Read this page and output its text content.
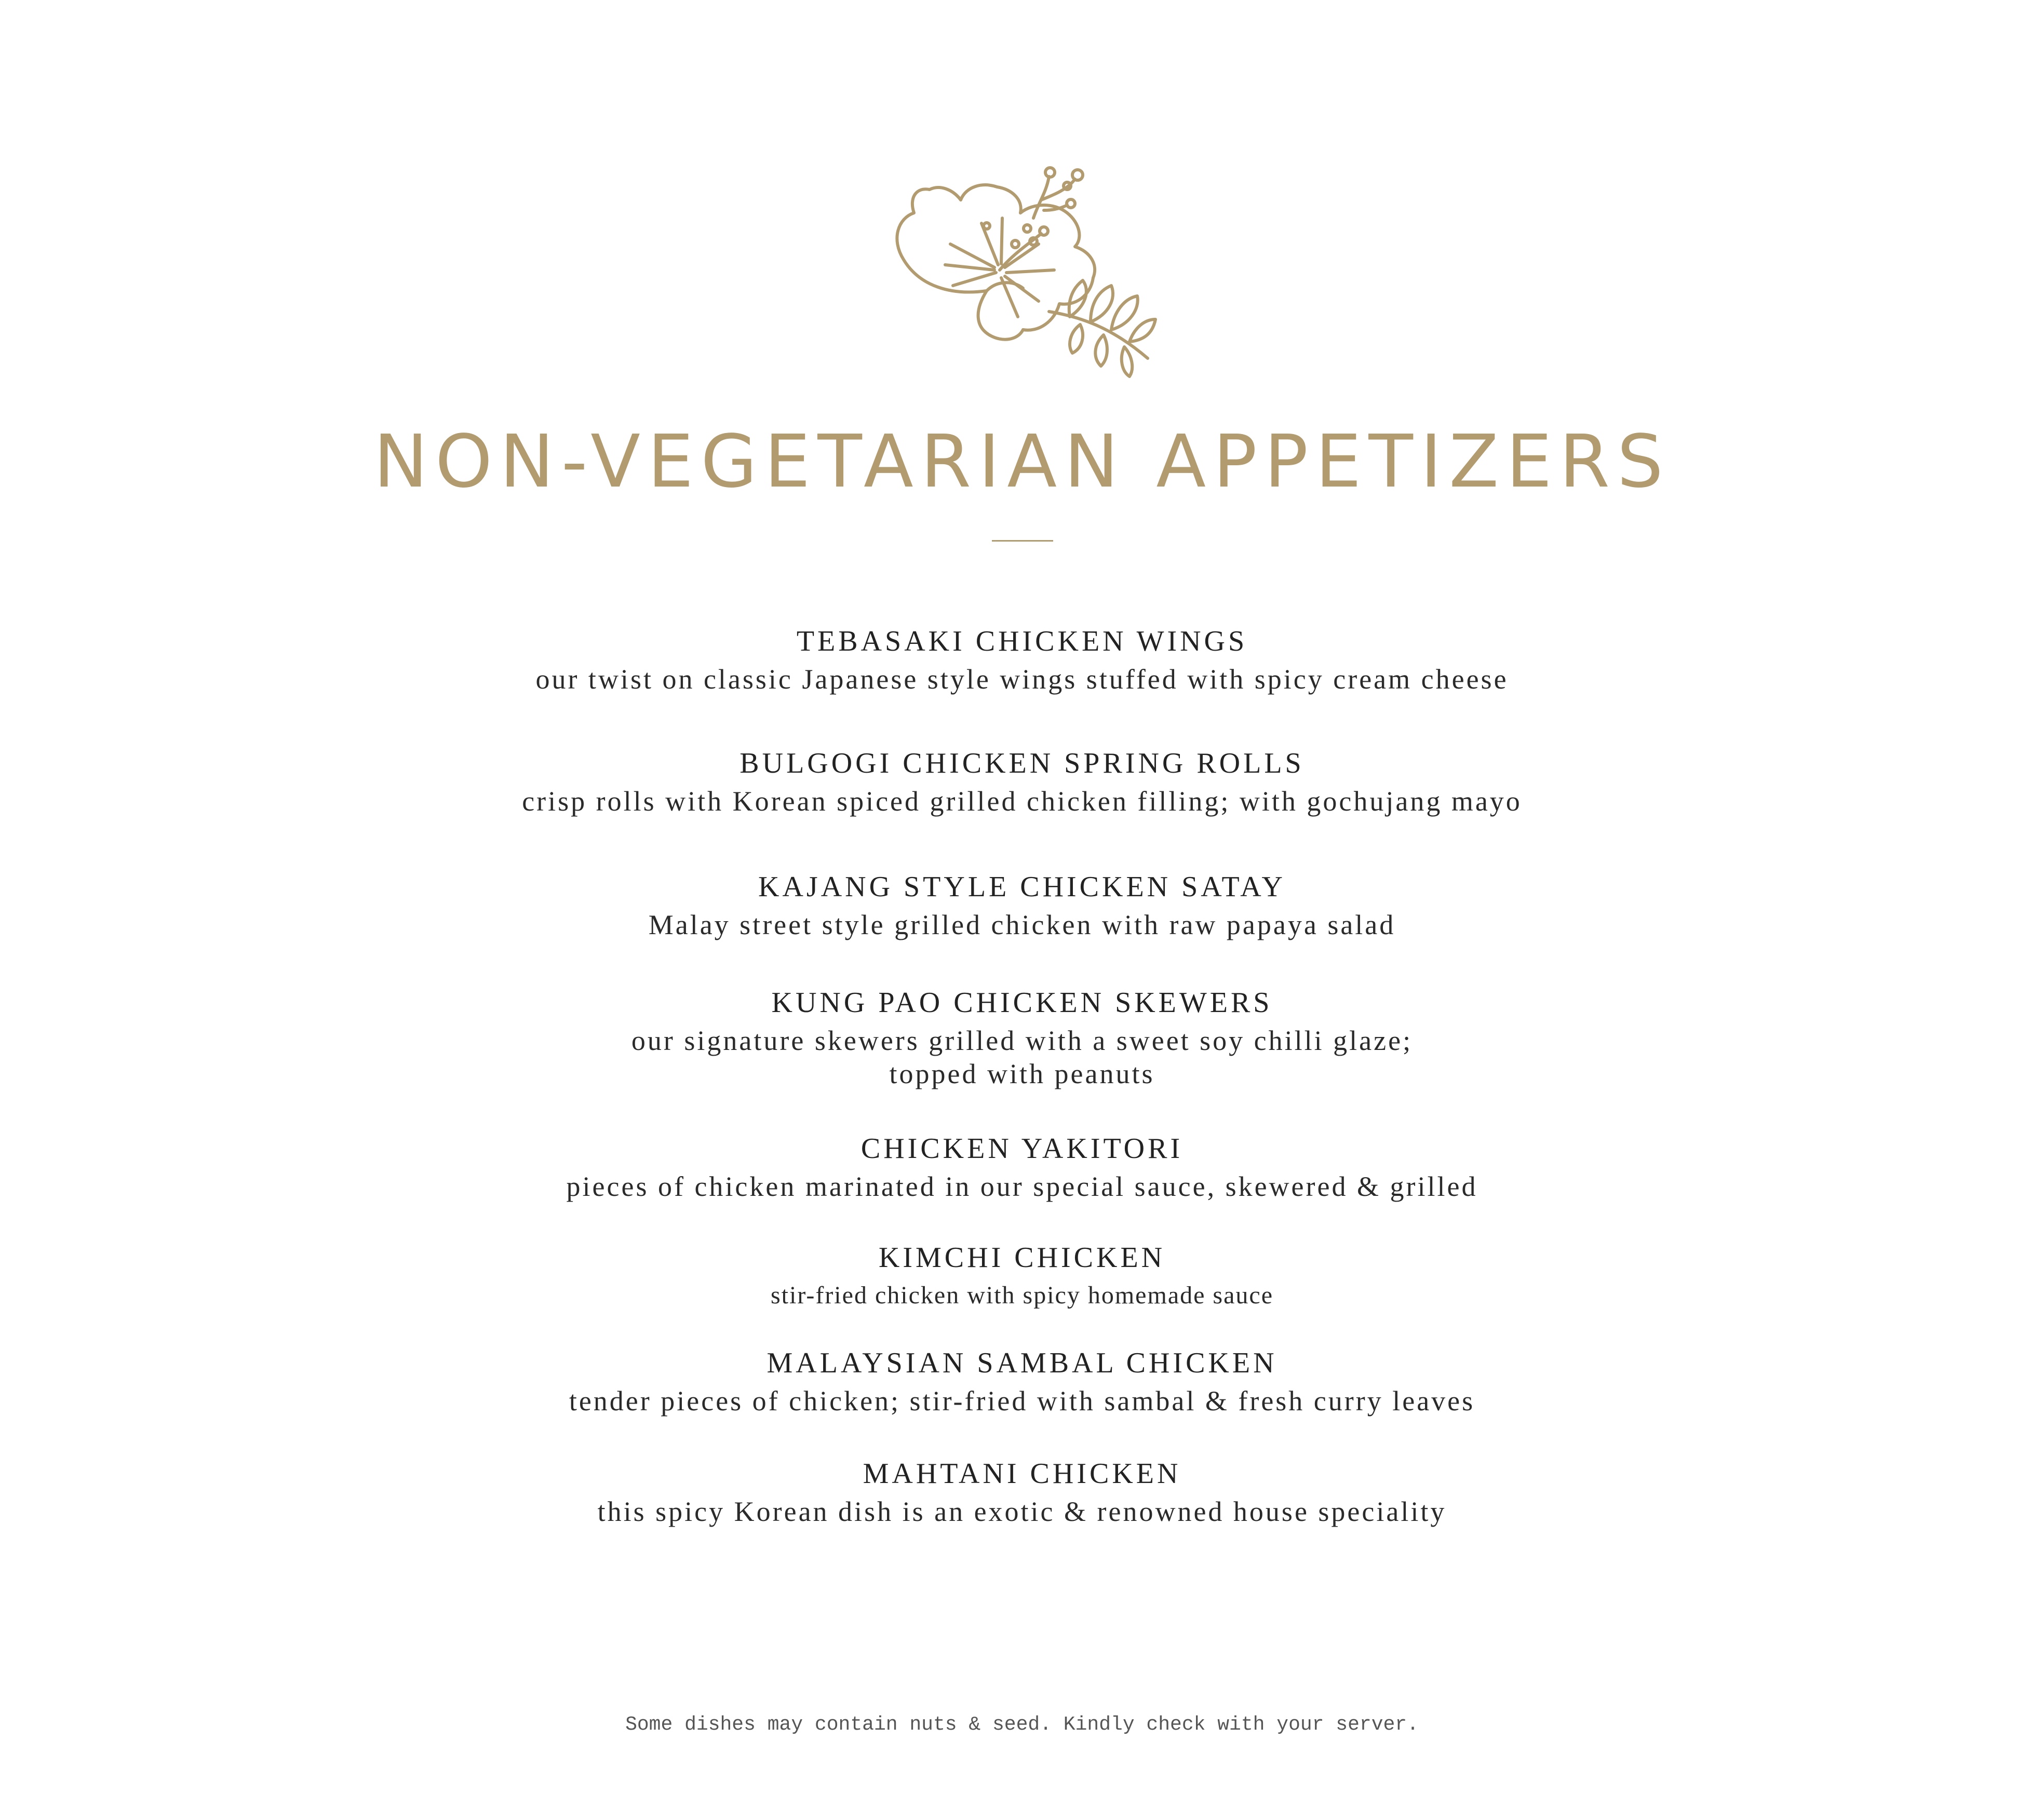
NON-VEGETARIAN APPETIZERS
TEBASAKI CHICKEN WINGS
our twist on classic Japanese style wings stuffed with spicy cream cheese
BULGOGI CHICKEN SPRING ROLLS
crisp rolls with Korean spiced grilled chicken filling; with gochujang mayo
KAJANG STYLE CHICKEN SATAY
Malay street style grilled chicken with raw papaya salad
KUNG PAO CHICKEN SKEWERS
our signature skewers grilled with a sweet soy chilli glaze;
topped with peanuts
CHICKEN YAKITORI
pieces of chicken marinated in our special sauce, skewered & grilled
KIMCHI CHICKEN
stir-fried chicken with spicy homemade sauce
MALAYSIAN SAMBAL CHICKEN
tender pieces of chicken; stir-fried with sambal & fresh curry leaves
MAHTANI CHICKEN
this spicy Korean dish is an exotic & renowned house speciality
Some dishes may contain nuts & seed. Kindly check with your server.
